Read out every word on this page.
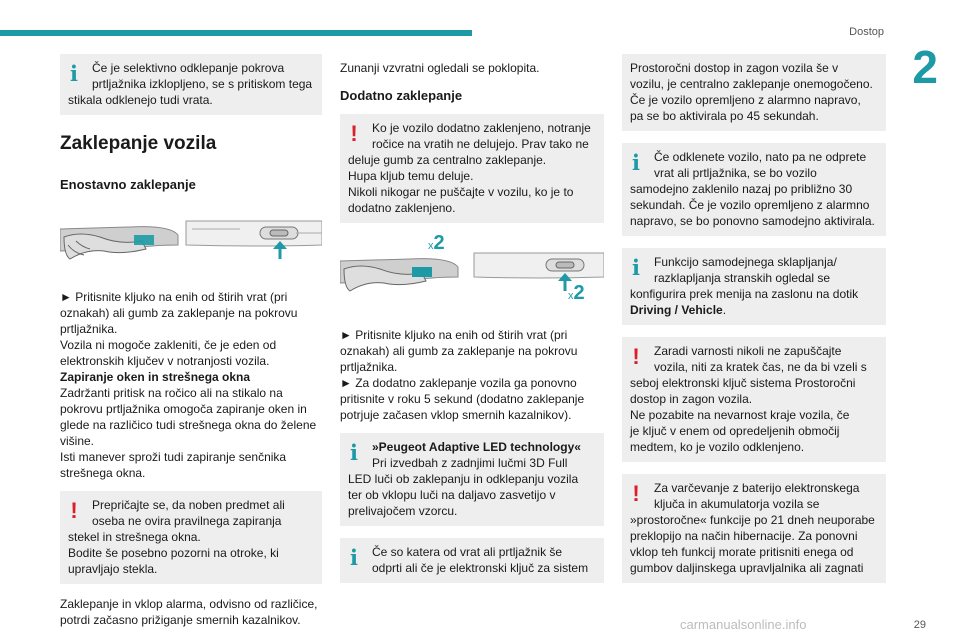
Dostop
2
i Če je selektivno odklepanje pokrova
prtljažnika izklopljeno, se s pritiskom tega
stikala odklenejo tudi vrata.

Zaklepanje vozila
Enostavno zaklepanje

► Pritisnite kljuko na enih od štirih vrat (pri
oznakah) ali gumb za zaklepanje na pokrovu
prtljažnika.
Vozila ni mogoče zakleniti, če je eden od
elektronskih ključev v notranjosti vozila.
Zapiranje oken in strešnega okna
Zadržanti pritisk na ročico ali na stikalo na
pokrovu prtljažnika omogoča zapiranje oken in
glede na različico tudi strešnega okna do želene
višine.
Isti manever sproži tudi zapiranje senčnika
strešnega okna.

! Prepričajte se, da noben predmet ali
oseba ne ovira pravilnega zapiranja
stekel in strešnega okna.
Bodite še posebno pozorni na otroke, ki
upravljajo stekla.

Zaklepanje in vklop alarma, odvisno od različice,
potrdi začasno prižiganje smernih kazalnikov.

Zunanji vzvratni ogledali se poklopita.

Dodatno zaklepanje
! Ko je vozilo dodatno zaklenjeno, notranje
ročice na vratih ne delujejo. Prav tako ne
deluje gumb za centralno zaklepanje.
Hupa kljub temu deluje.
Nikoli nikogar ne puščajte v vozilu, ko je to
dodatno zaklenjeno.

x2
x2

► Pritisnite kljuko na enih od štirih vrat (pri
oznakah) ali gumb za zaklepanje na pokrovu
prtljažnika.
► Za dodatno zaklepanje vozila ga ponovno
pritisnite v roku 5 sekund (dodatno zaklepanje
potrjuje začasen vklop smernih kazalnikov).

i »Peugeot Adaptive LED technology«
Pri izvedbah z zadnjimi lučmi 3D Full
LED luči ob zaklepanju in odklepanju vozila
ter ob vklopu luči na daljavo zasvetijo v
prelivajočem vzorcu.

i Če so katera od vrat ali prtljažnik še
odprti ali če je elektronski ključ za sistem

Prostoročni dostop in zagon vozila še v
vozilu, je centralno zaklepanje onemogočeno.
Če je vozilo opremljeno z alarmno napravo,
pa se bo aktivirala po 45 sekundah.

i Če odklenete vozilo, nato pa ne odprete
vrat ali prtljažnika, se bo vozilo
samodejno zaklenilo nazaj po približno 30
sekundah. Če je vozilo opremljeno z alarmno
napravo, se bo ponovno samodejno aktivirala.

i Funkcijo samodejnega sklapljanja/
razklapljanja stranskih ogledal se
konfigurira prek menija na zaslonu na dotik
Driving / Vehicle.

! Zaradi varnosti nikoli ne zapuščajte
vozila, niti za kratek čas, ne da bi vzeli s
seboj elektronski ključ sistema Prostoročni
dostop in zagon vozila.
Ne pozabite na nevarnost kraje vozila, če
je ključ v enem od opredeljenih območij
medtem, ko je vozilo odklenjeno.

! Za varčevanje z baterijo elektronskega
ključa in akumulatorja vozila se
»prostoročne« funkcije po 21 dneh neuporabe
preklopijo na način hibernacije. Za ponovni
vklop teh funkcij morate pritisniti enega od
gumbov daljinskega upravljalnika ali zagnati

carmanualsonline.info	29
